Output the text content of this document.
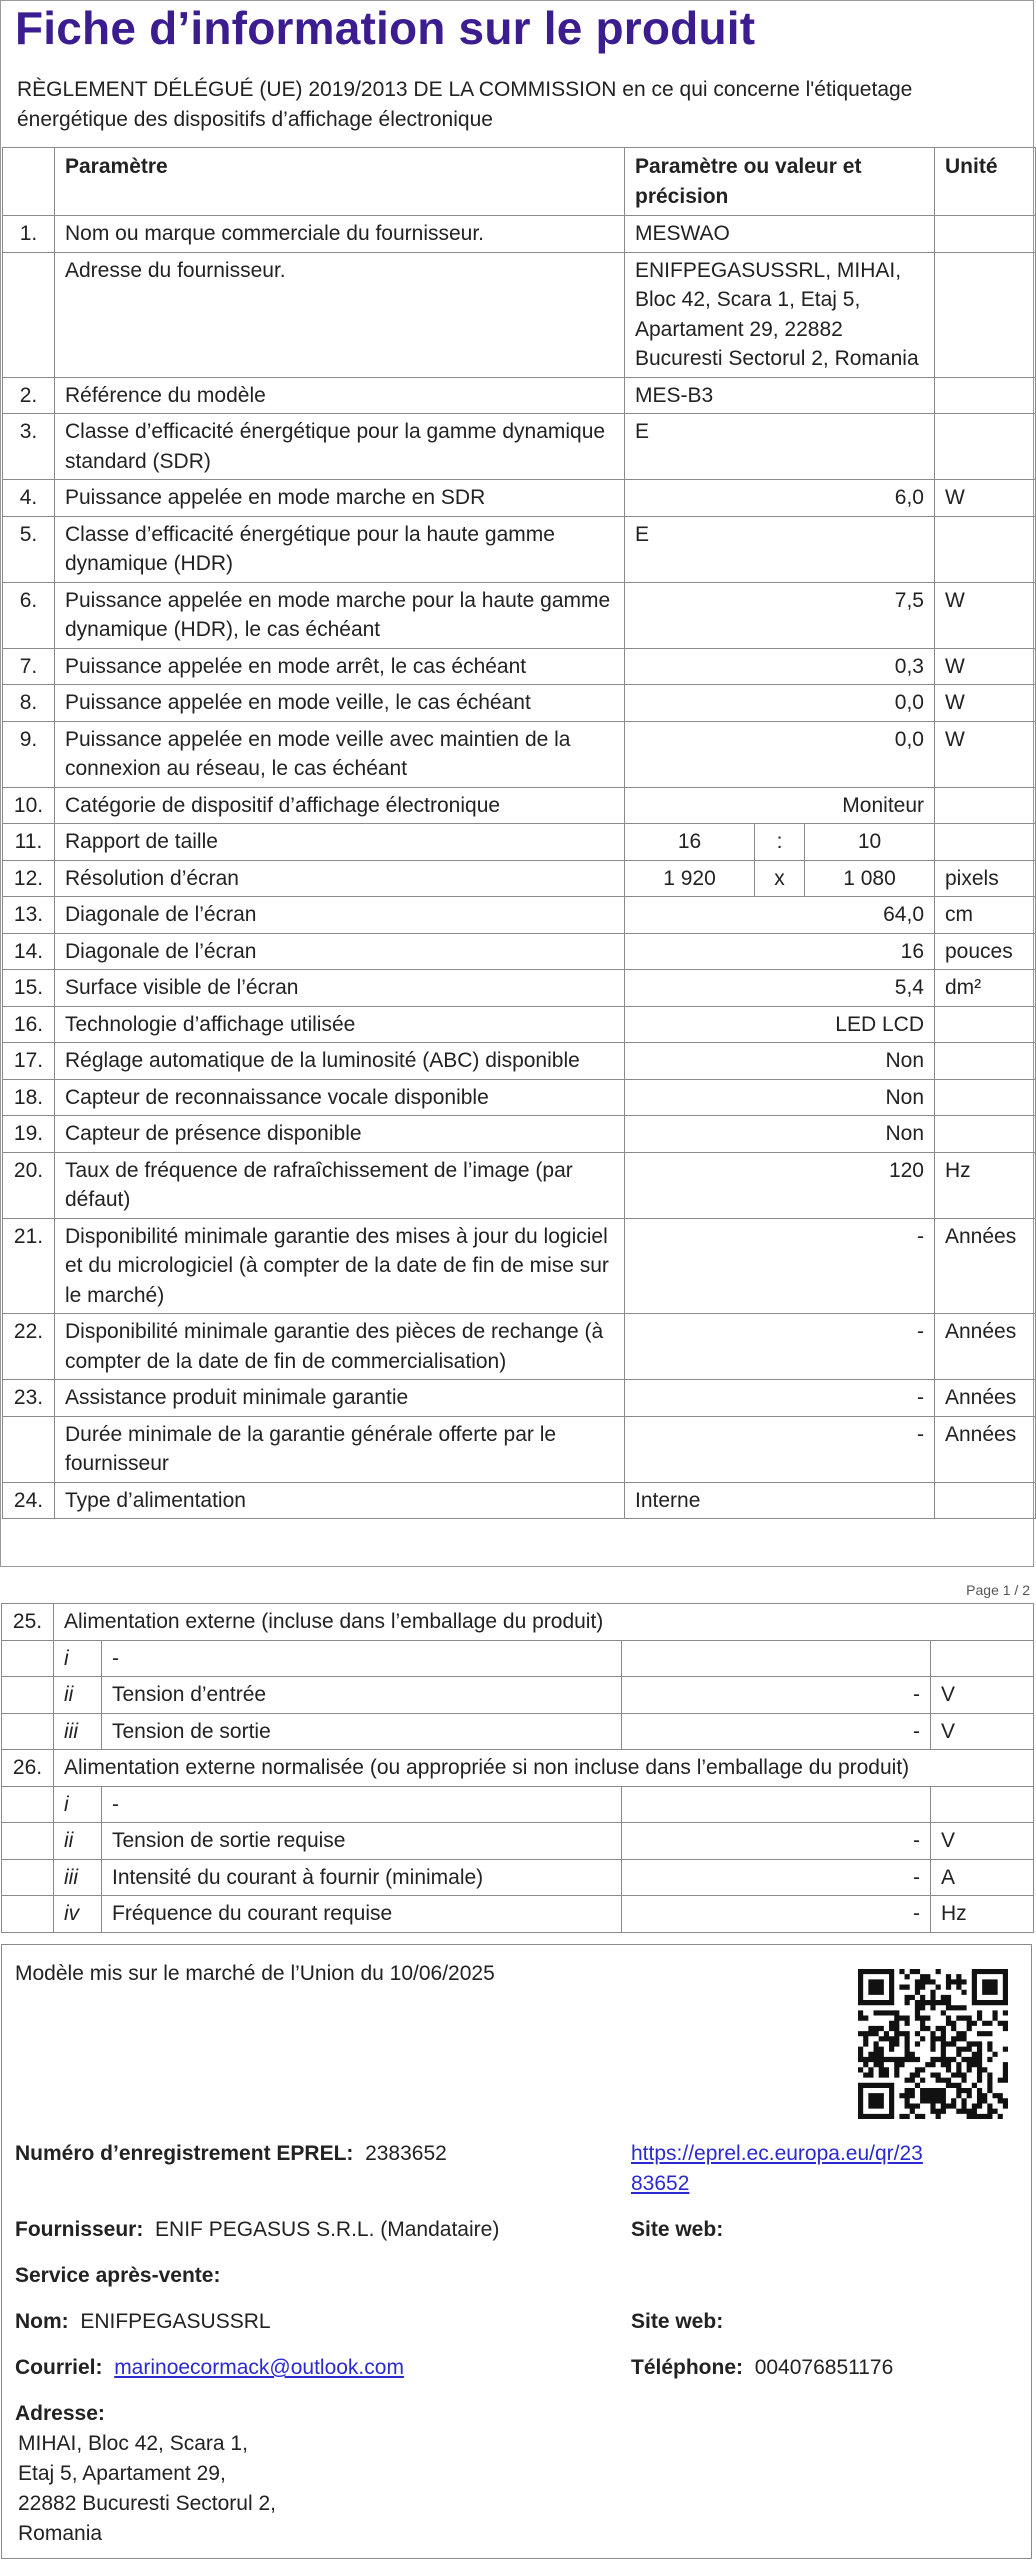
Fiche d’information sur le produit
RÈGLEMENT DÉLÉGUÉ (UE) 2019/2013 DE LA COMMISSION en ce qui concerne l'étiquetage énergétique des dispositifs d’affichage électronique
	Paramètre	Paramètre ou valeur et précision			Unité
1.	Nom ou marque commerciale du fournisseur.	MESWAO			
	Adresse du fournisseur.	ENIFPEGASUSSRL, MIHAI, Bloc 42, Scara 1, Etaj 5, Apartament 29, 22882 Bucuresti Sectorul 2, Romania			
2.	Référence du modèle	MES-B3			
3.	Classe d’efficacité énergétique pour la gamme dynamique standard (SDR)	E			
4.	Puissance appelée en mode marche en SDR	6,0			W
5.	Classe d’efficacité énergétique pour la haute gamme dynamique (HDR)	E			
6.	Puissance appelée en mode marche pour la haute gamme dynamique (HDR), le cas échéant	7,5			W
7.	Puissance appelée en mode arrêt, le cas échéant	0,3			W
8.	Puissance appelée en mode veille, le cas échéant	0,0			W
9.	Puissance appelée en mode veille avec maintien de la connexion au réseau, le cas échéant	0,0			W
10.	Catégorie de dispositif d’affichage électronique	Moniteur			
11.	Rapport de taille	16	:	10	
12.	Résolution d’écran	1 920	x	1 080	pixels
13.	Diagonale de l’écran	64,0			cm
14.	Diagonale de l’écran	16			pouces
15.	Surface visible de l’écran	5,4			dm²
16.	Technologie d’affichage utilisée	LED LCD			
17.	Réglage automatique de la luminosité (ABC) disponible	Non			
18.	Capteur de reconnaissance vocale disponible	Non			
19.	Capteur de présence disponible	Non			
20.	Taux de fréquence de rafraîchissement de l’image (par défaut)	120			Hz
21.	Disponibilité minimale garantie des mises à jour du logiciel et du micrologiciel (à compter de la date de fin de mise sur le marché)	-			Années
22.	Disponibilité minimale garantie des pièces de rechange (à compter de la date de fin de commercialisation)	-			Années
23.	Assistance produit minimale garantie	-			Années
	Durée minimale de la garantie générale offerte par le fournisseur	-			Années
24.	Type d’alimentation	Interne			
Page 1 / 2
25.	Alimentation externe (incluse dans l’emballage du produit)			
	i	-		
	ii	Tension d’entrée	-	V
	iii	Tension de sortie	-	V
26.	Alimentation externe normalisée (ou appropriée si non incluse dans l’emballage du produit)			
	i	-		
	ii	Tension de sortie requise	-	V
	iii	Intensité du courant à fournir (minimale)	-	A
	iv	Fréquence du courant requise	-	Hz
Modèle mis sur le marché de l’Union du 10/06/2025
Numéro d’enregistrement EPREL: 2383652	https://eprel.ec.europa.eu/qr/23
83652
Fournisseur: ENIF PEGASUS S.R.L. (Mandataire)	Site web:
Service après-vente:
Nom: ENIFPEGASUSSRL	Site web:
Courriel: marinoecormack@outlook.com	Téléphone: 004076851176
Adresse:
MIHAI, Bloc 42, Scara 1,
Etaj 5, Apartament 29,
22882 Bucuresti Sectorul 2,
Romania
